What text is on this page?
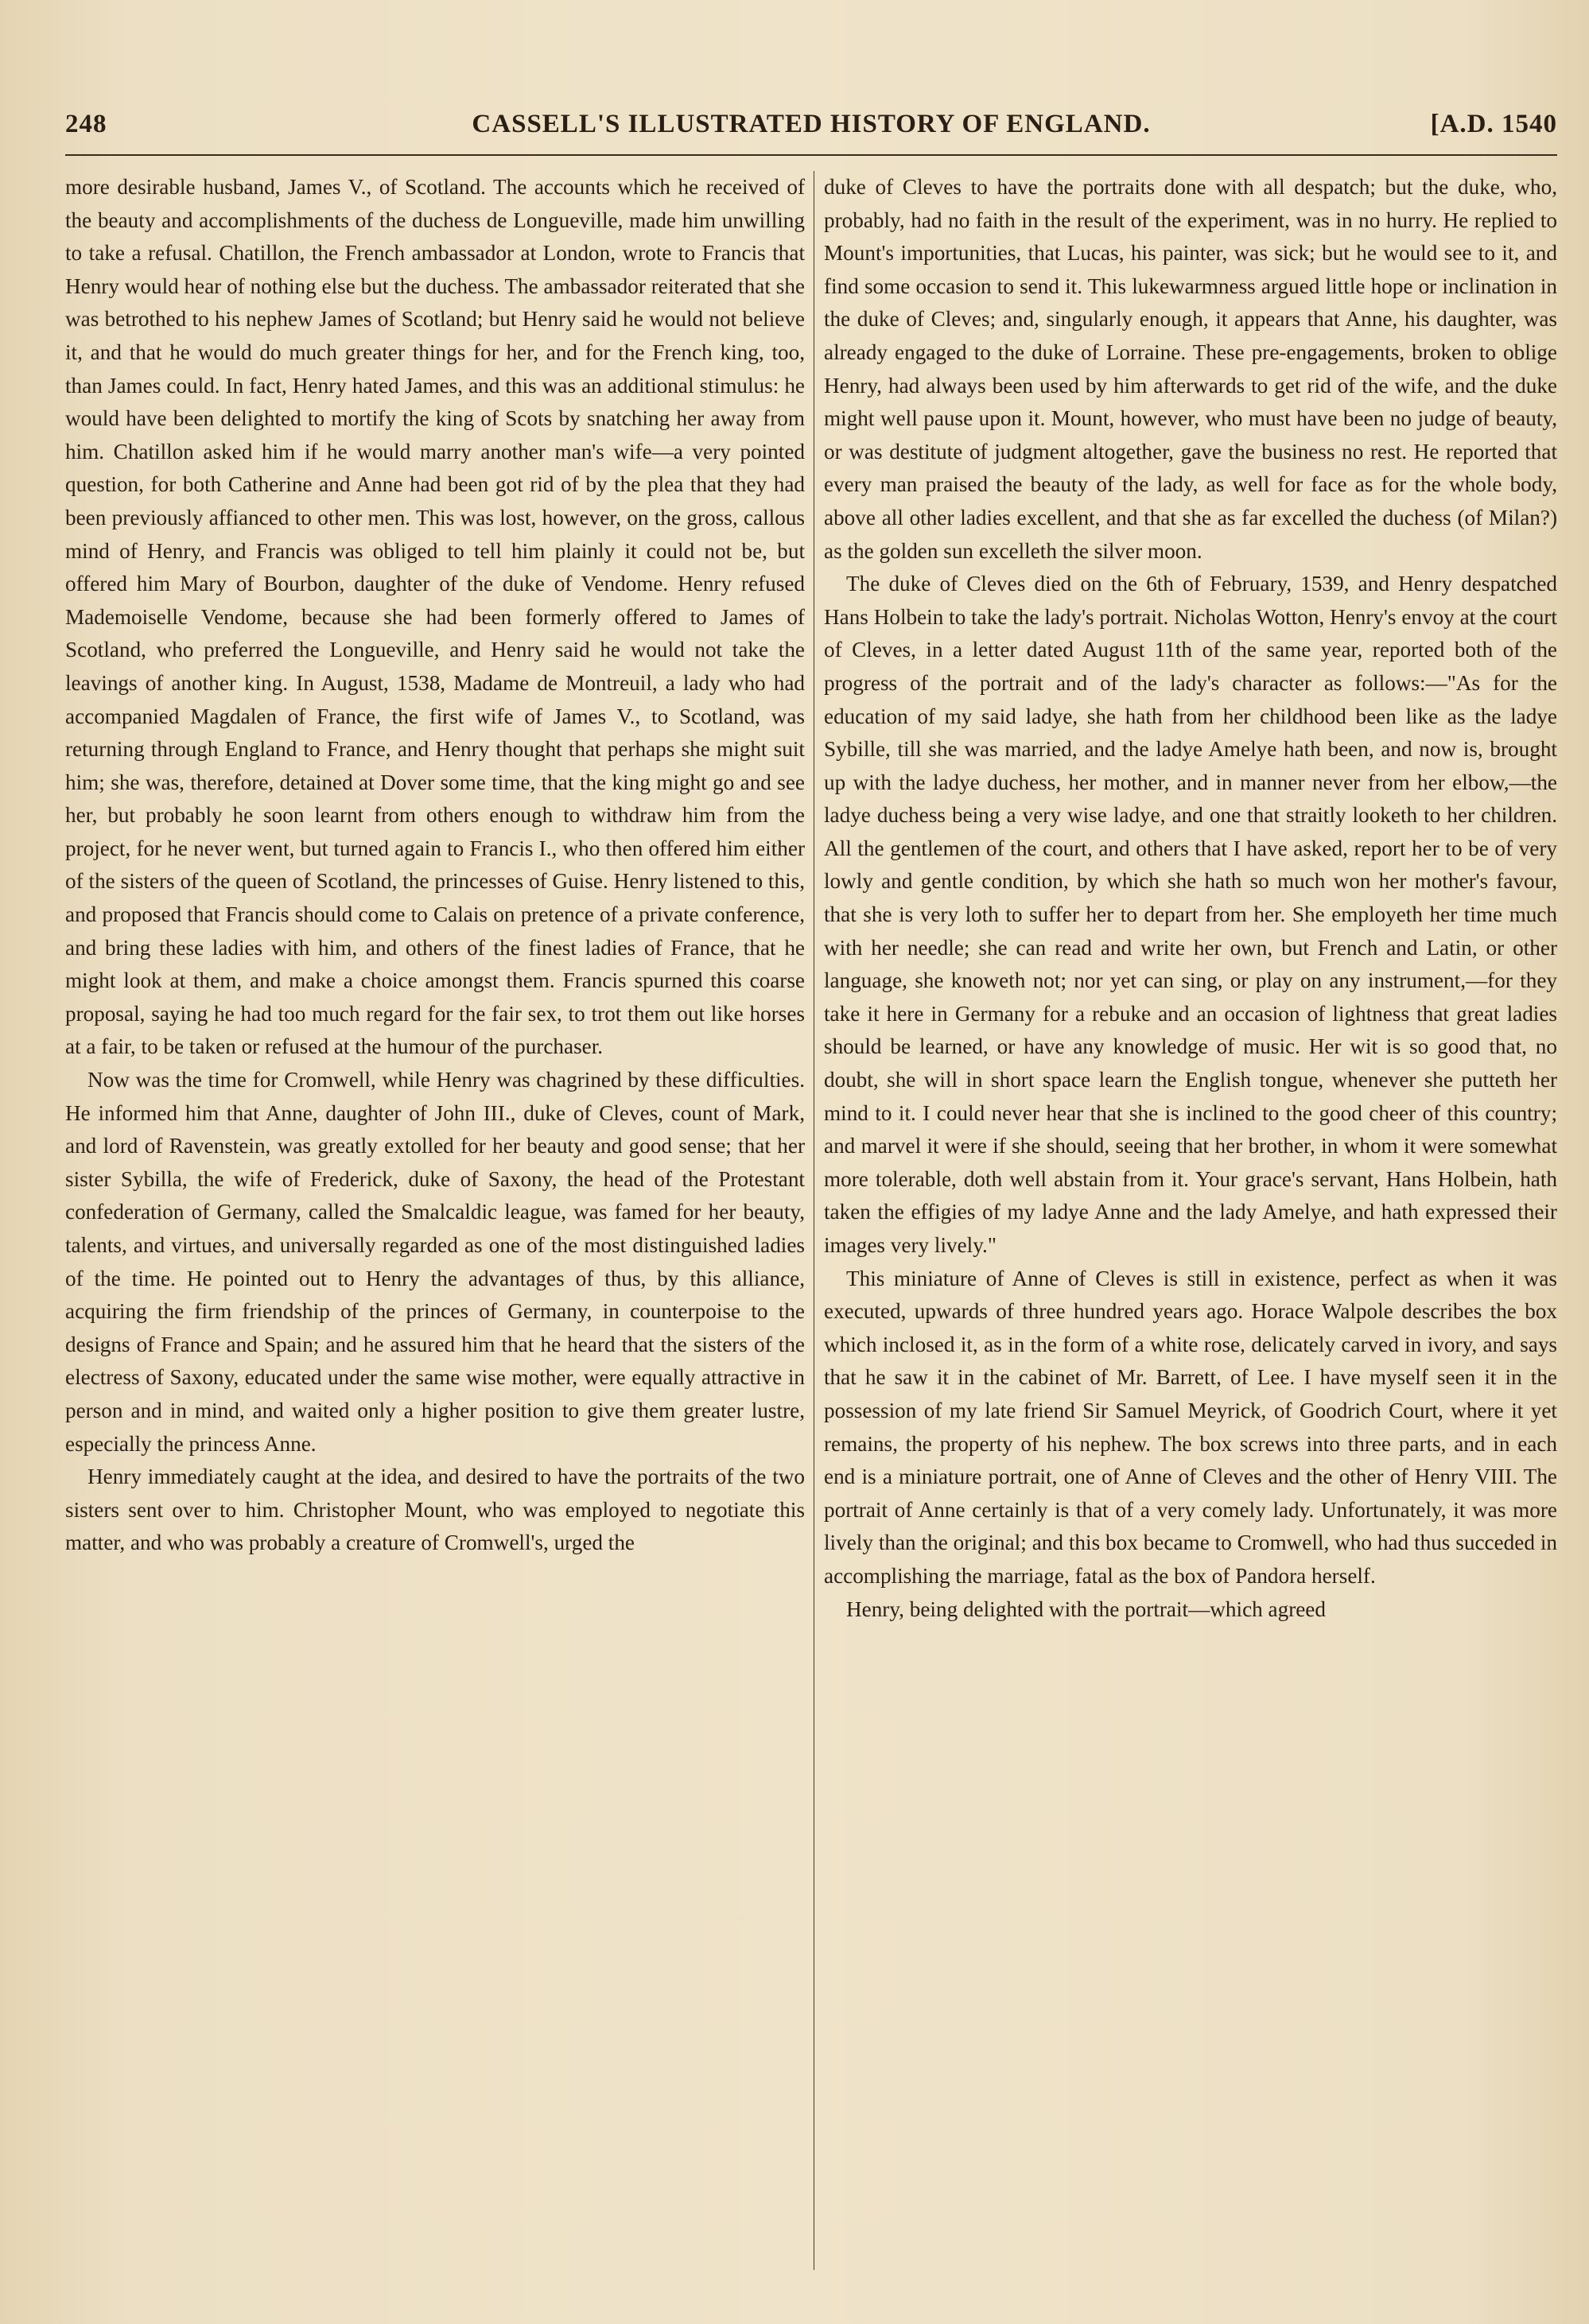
248	CASSELL'S ILLUSTRATED HISTORY OF ENGLAND.	[A.D. 1540

more desirable husband, James V., of Scotland. The accounts which he received of the beauty and accomplishments of the duchess de Longueville, made him unwilling to take a refusal. Chatillon, the French ambassador at London, wrote to Francis that Henry would hear of nothing else but the duchess. The ambassador reiterated that she was betrothed to his nephew James of Scotland; but Henry said he would not believe it, and that he would do much greater things for her, and for the French king, too, than James could. In fact, Henry hated James, and this was an additional stimulus: he would have been delighted to mortify the king of Scots by snatching her away from him. Chatillon asked him if he would marry another man's wife—a very pointed question, for both Catherine and Anne had been got rid of by the plea that they had been previously affianced to other men. This was lost, however, on the gross, callous mind of Henry, and Francis was obliged to tell him plainly it could not be, but offered him Mary of Bourbon, daughter of the duke of Vendome. Henry refused Mademoiselle Vendome, because she had been formerly offered to James of Scotland, who preferred the Longueville, and Henry said he would not take the leavings of another king. In August, 1538, Madame de Montreuil, a lady who had accompanied Magdalen of France, the first wife of James V., to Scotland, was returning through England to France, and Henry thought that perhaps she might suit him; she was, therefore, detained at Dover some time, that the king might go and see her, but probably he soon learnt from others enough to withdraw him from the project, for he never went, but turned again to Francis I., who then offered him either of the sisters of the queen of Scotland, the princesses of Guise. Henry listened to this, and proposed that Francis should come to Calais on pretence of a private conference, and bring these ladies with him, and others of the finest ladies of France, that he might look at them, and make a choice amongst them. Francis spurned this coarse proposal, saying he had too much regard for the fair sex, to trot them out like horses at a fair, to be taken or refused at the humour of the purchaser.

Now was the time for Cromwell, while Henry was chagrined by these difficulties. He informed him that Anne, daughter of John III., duke of Cleves, count of Mark, and lord of Ravenstein, was greatly extolled for her beauty and good sense; that her sister Sybilla, the wife of Frederick, duke of Saxony, the head of the Protestant confederation of Germany, called the Smalcaldic league, was famed for her beauty, talents, and virtues, and universally regarded as one of the most distinguished ladies of the time. He pointed out to Henry the advantages of thus, by this alliance, acquiring the firm friendship of the princes of Germany, in counterpoise to the designs of France and Spain; and he assured him that he heard that the sisters of the electress of Saxony, educated under the same wise mother, were equally attractive in person and in mind, and waited only a higher position to give them greater lustre, especially the princess Anne.

Henry immediately caught at the idea, and desired to have the portraits of the two sisters sent over to him. Christopher Mount, who was employed to negotiate this matter, and who was probably a creature of Cromwell's, urged the

duke of Cleves to have the portraits done with all despatch; but the duke, who, probably, had no faith in the result of the experiment, was in no hurry. He replied to Mount's importunities, that Lucas, his painter, was sick; but he would see to it, and find some occasion to send it. This lukewarmness argued little hope or inclination in the duke of Cleves; and, singularly enough, it appears that Anne, his daughter, was already engaged to the duke of Lorraine. These pre-engagements, broken to oblige Henry, had always been used by him afterwards to get rid of the wife, and the duke might well pause upon it. Mount, however, who must have been no judge of beauty, or was destitute of judgment altogether, gave the business no rest. He reported that every man praised the beauty of the lady, as well for face as for the whole body, above all other ladies excellent, and that she as far excelled the duchess (of Milan?) as the golden sun excelleth the silver moon.

The duke of Cleves died on the 6th of February, 1539, and Henry despatched Hans Holbein to take the lady's portrait. Nicholas Wotton, Henry's envoy at the court of Cleves, in a letter dated August 11th of the same year, reported both of the progress of the portrait and of the lady's character as follows:—"As for the education of my said ladye, she hath from her childhood been like as the ladye Sybille, till she was married, and the ladye Amelye hath been, and now is, brought up with the ladye duchess, her mother, and in manner never from her elbow,—the ladye duchess being a very wise ladye, and one that straitly looketh to her children. All the gentlemen of the court, and others that I have asked, report her to be of very lowly and gentle condition, by which she hath so much won her mother's favour, that she is very loth to suffer her to depart from her. She employeth her time much with her needle; she can read and write her own, but French and Latin, or other language, she knoweth not; nor yet can sing, or play on any instrument,—for they take it here in Germany for a rebuke and an occasion of lightness that great ladies should be learned, or have any knowledge of music. Her wit is so good that, no doubt, she will in short space learn the English tongue, whenever she putteth her mind to it. I could never hear that she is inclined to the good cheer of this country; and marvel it were if she should, seeing that her brother, in whom it were somewhat more tolerable, doth well abstain from it. Your grace's servant, Hans Holbein, hath taken the effigies of my ladye Anne and the lady Amelye, and hath expressed their images very lively."

This miniature of Anne of Cleves is still in existence, perfect as when it was executed, upwards of three hundred years ago. Horace Walpole describes the box which inclosed it, as in the form of a white rose, delicately carved in ivory, and says that he saw it in the cabinet of Mr. Barrett, of Lee. I have myself seen it in the possession of my late friend Sir Samuel Meyrick, of Goodrich Court, where it yet remains, the property of his nephew. The box screws into three parts, and in each end is a miniature portrait, one of Anne of Cleves and the other of Henry VIII. The portrait of Anne certainly is that of a very comely lady. Unfortunately, it was more lively than the original; and this box became to Cromwell, who had thus succeded in accomplishing the marriage, fatal as the box of Pandora herself.

Henry, being delighted with the portrait—which agreed
